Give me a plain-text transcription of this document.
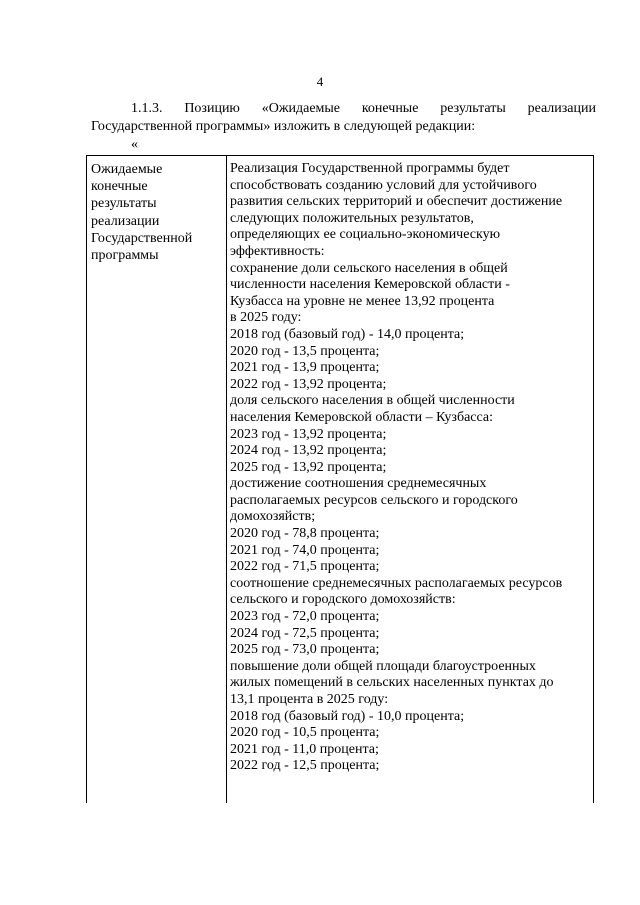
4
1.1.3. Позицию «Ожидаемые конечные результаты реализации
Государственной программы» изложить в следующей редакции:
«
Ожидаемые
конечные
результаты
реализации
Государственной
программы
Реализация Государственной программы будет
способствовать созданию условий для устойчивого
развития сельских территорий и обеспечит достижение
следующих положительных результатов,
определяющих ее социально-экономическую
эффективность:
сохранение доли сельского населения в общей
численности населения Кемеровской области -
Кузбасса на уровне не менее 13,92 процента
в 2025 году:
2018 год (базовый год) - 14,0 процента;
2020 год - 13,5 процента;
2021 год - 13,9 процента;
2022 год - 13,92 процента;
доля сельского населения в общей численности
населения Кемеровской области – Кузбасса:
2023 год - 13,92 процента;
2024 год - 13,92 процента;
2025 год - 13,92 процента;
достижение соотношения среднемесячных
располагаемых ресурсов сельского и городского
домохозяйств;
2020 год - 78,8 процента;
2021 год - 74,0 процента;
2022 год - 71,5 процента;
соотношение среднемесячных располагаемых ресурсов
сельского и городского домохозяйств:
2023 год - 72,0 процента;
2024 год - 72,5 процента;
2025 год - 73,0 процента;
повышение доли общей площади благоустроенных
жилых помещений в сельских населенных пунктах до
13,1 процента в 2025 году:
2018 год (базовый год) - 10,0 процента;
2020 год - 10,5 процента;
2021 год - 11,0 процента;
2022 год - 12,5 процента;
